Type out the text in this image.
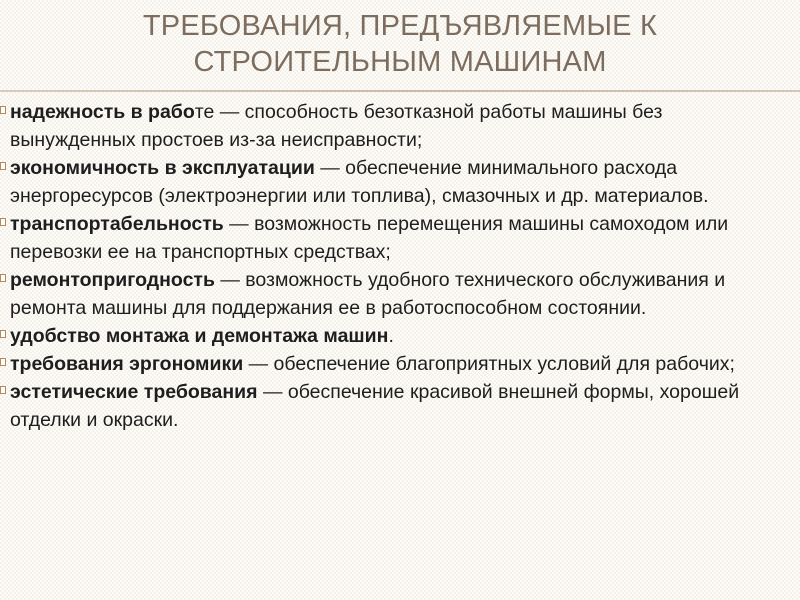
ТРЕБОВАНИЯ, ПРЕДЪЯВЛЯЕМЫЕ К
СТРОИТЕЛЬНЫМ МАШИНАМ
надежность в работе — способность безотказной работы машины без вынужденных простоев из-за неисправности;
экономичность в эксплуатации — обеспечение минимального расхода энергоресурсов (электроэнергии или топлива), смазочных и др. материалов.
транспортабельность — возможность перемещения машины самоходом или перевозки ее на транспортных средствах;
ремонтопригодность — возможность удобного технического обслуживания и ремонта машины для поддержания ее в работоспособном состоянии.
удобство монтажа и демонтажа машин.
требования эргономики — обеспечение благоприятных условий для рабочих;
эстетические требования — обеспечение красивой внешней формы, хорошей отделки и окраски.
